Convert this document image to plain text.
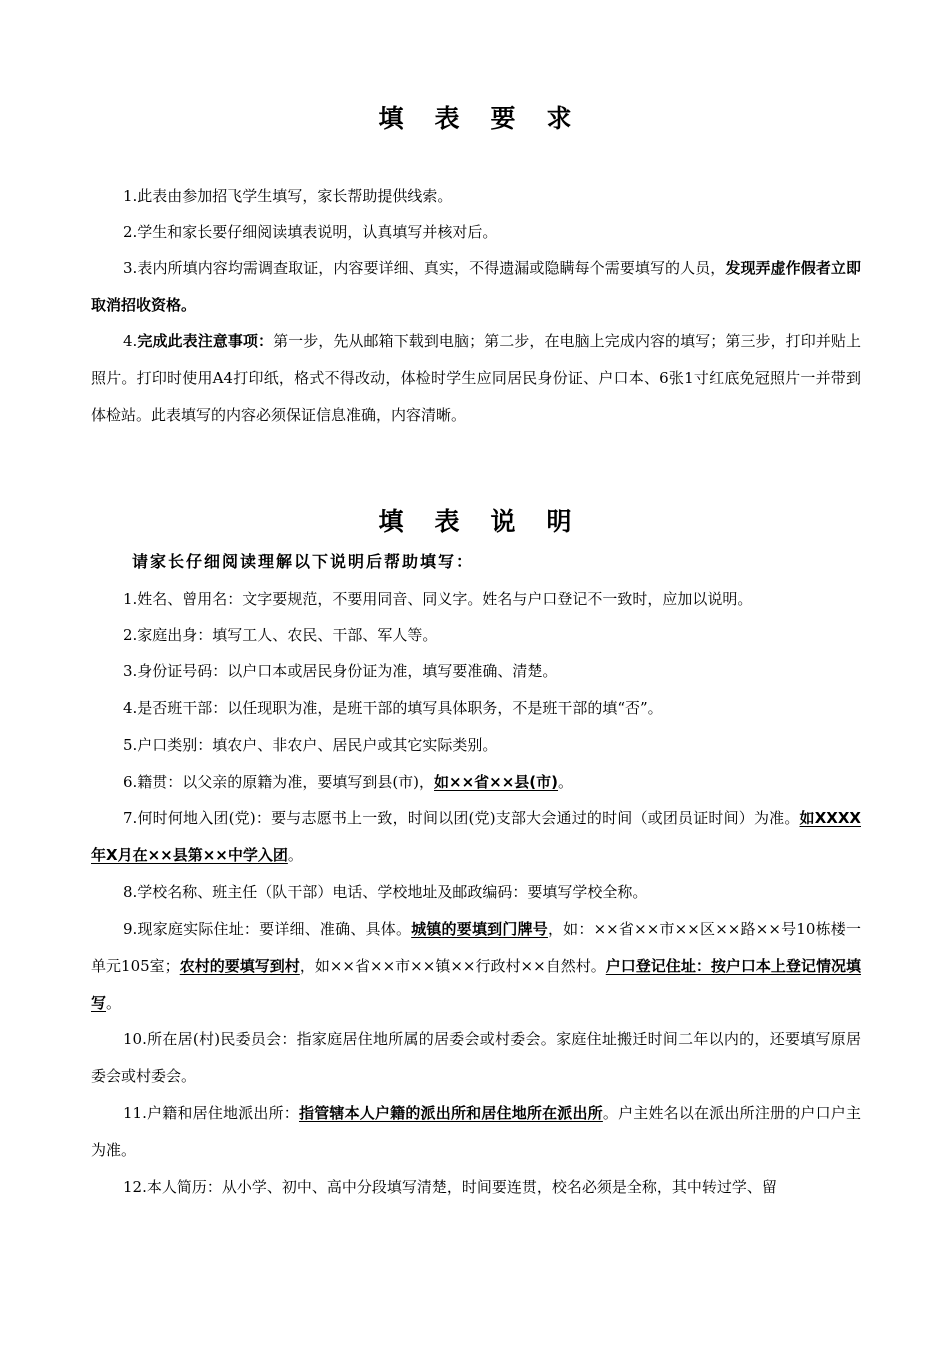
填表要求
1.此表由参加招飞学生填写，家长帮助提供线索。
2.学生和家长要仔细阅读填表说明，认真填写并核对后。
3.表内所填内容均需调查取证，内容要详细、真实，不得遗漏或隐瞒每个需要填写的人员，发现弄虚作假者立即取消招收资格。
4.完成此表注意事项：第一步，先从邮箱下载到电脑；第二步，在电脑上完成内容的填写；第三步，打印并贴上照片。打印时使用A4打印纸，格式不得改动，体检时学生应同居民身份证、户口本、6张1寸红底免冠照片一并带到体检站。此表填写的内容必须保证信息准确，内容清晰。
填表说明
请家长仔细阅读理解以下说明后帮助填写：
1.姓名、曾用名：文字要规范，不要用同音、同义字。姓名与户口登记不一致时，应加以说明。
2.家庭出身：填写工人、农民、干部、军人等。
3.身份证号码：以户口本或居民身份证为准，填写要准确、清楚。
4.是否班干部：以任现职为准，是班干部的填写具体职务，不是班干部的填“否”。
5.户口类别：填农户、非农户、居民户或其它实际类别。
6.籍贯：以父亲的原籍为准，要填写到县(市)，如××省××县(市)。
7.何时何地入团(党)：要与志愿书上一致，时间以团(党)支部大会通过的时间（或团员证时间）为准。如XXXX年X月在××县第××中学入团。
8.学校名称、班主任（队干部）电话、学校地址及邮政编码：要填写学校全称。
9.现家庭实际住址：要详细、准确、具体。城镇的要填到门牌号，如：××省××市××区××路××号10栋楼一单元105室；农村的要填写到村，如××省××市××镇××行政村××自然村。户口登记住址：按户口本上登记情况填写。
10.所在居(村)民委员会：指家庭居住地所属的居委会或村委会。家庭住址搬迁时间二年以内的，还要填写原居委会或村委会。
11.户籍和居住地派出所：指管辖本人户籍的派出所和居住地所在派出所。户主姓名以在派出所注册的户口户主为准。
12.本人简历：从小学、初中、高中分段填写清楚，时间要连贯，校名必须是全称，其中转过学、留
